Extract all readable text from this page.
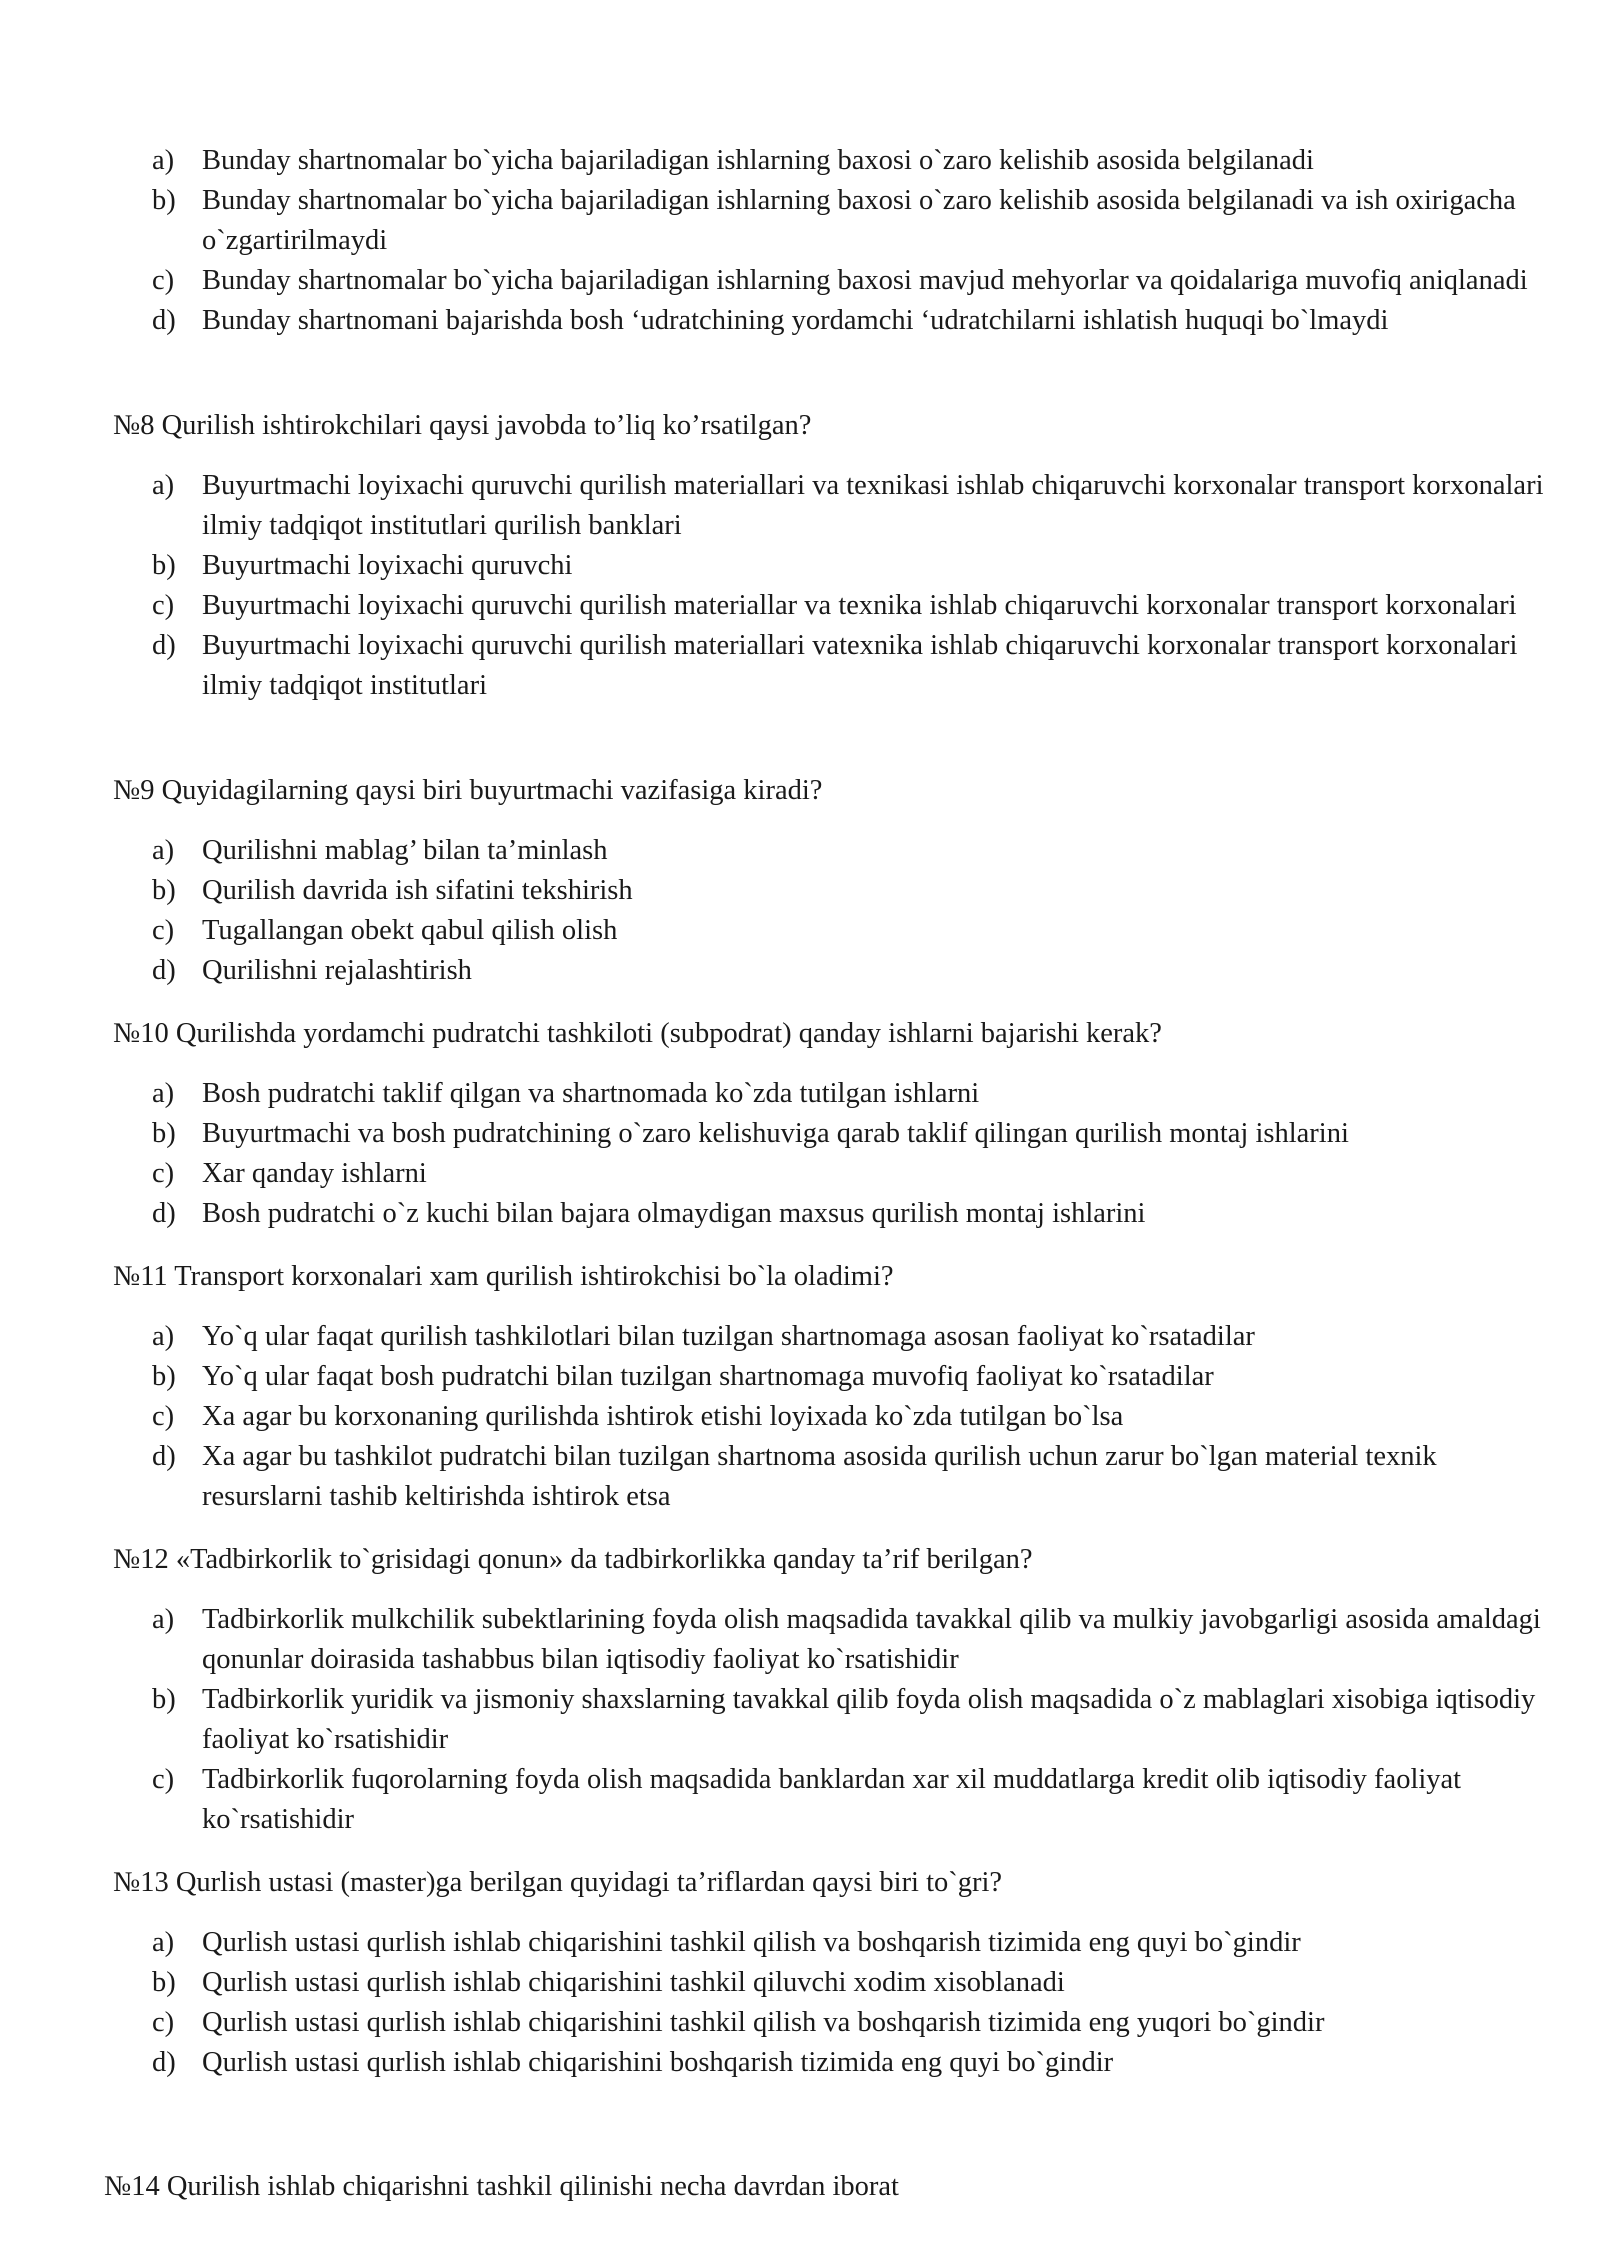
a) Bunday shartnomalar bo`yicha bajariladigan ishlarning baxosi o`zaro kelishib asosida belgilanadi
b) Bunday shartnomalar bo`yicha bajariladigan ishlarning baxosi o`zaro kelishib asosida belgilanadi va ish oxirigacha o`zgartirilmaydi
c) Bunday shartnomalar bo`yicha bajariladigan ishlarning baxosi mavjud mehyorlar va qoidalariga muvofiq aniqlanadi
d) Bunday shartnomani bajarishda bosh ‘udratchining yordamchi ‘udratchilarni ishlatish huquqi bo`lmaydi

№8 Qurilish ishtirokchilari qaysi javobda to’liq ko’rsatilgan?

a) Buyurtmachi loyixachi quruvchi qurilish materiallari va texnikasi ishlab chiqaruvchi korxonalar transport korxonalari ilmiy tadqiqot institutlari qurilish banklari
b) Buyurtmachi loyixachi quruvchi
c) Buyurtmachi loyixachi quruvchi qurilish materiallar va texnika ishlab chiqaruvchi korxonalar transport korxonalari
d) Buyurtmachi loyixachi quruvchi qurilish materiallari vatexnika ishlab chiqaruvchi korxonalar transport korxonalari ilmiy tadqiqot institutlari

№9 Quyidagilarning qaysi biri buyurtmachi vazifasiga kiradi?

a) Qurilishni mablag’ bilan ta’minlash
b) Qurilish davrida ish sifatini tekshirish
c) Tugallangan obekt qabul qilish olish
d) Qurilishni rejalashtirish

№10 Qurilishda yordamchi pudratchi tashkiloti (subpodrat) qanday ishlarni bajarishi kerak?

a) Bosh pudratchi taklif qilgan va shartnomada ko`zda tutilgan ishlarni
b) Buyurtmachi va bosh pudratchining o`zaro kelishuviga qarab taklif qilingan qurilish montaj ishlarini
c) Xar qanday ishlarni
d) Bosh pudratchi o`z kuchi bilan bajara olmaydigan maxsus qurilish montaj ishlarini

№11 Transport korxonalari xam qurilish ishtirokchisi bo`la oladimi?

a) Yo`q ular faqat qurilish tashkilotlari bilan tuzilgan shartnomaga asosan faoliyat ko`rsatadilar
b) Yo`q ular faqat bosh pudratchi bilan tuzilgan shartnomaga muvofiq faoliyat ko`rsatadilar
c) Xa agar bu korxonaning qurilishda ishtirok etishi loyixada ko`zda tutilgan bo`lsa
d) Xa agar bu tashkilot pudratchi bilan tuzilgan shartnoma asosida qurilish uchun zarur bo`lgan material texnik resurslarni tashib keltirishda ishtirok etsa

№12 «Tadbirkorlik to`grisidagi qonun» da tadbirkorlikka qanday ta’rif berilgan?

a) Tadbirkorlik mulkchilik subektlarining foyda olish maqsadida tavakkal qilib va mulkiy javobgarligi asosida amaldagi qonunlar doirasida tashabbus bilan iqtisodiy faoliyat ko`rsatishidir
b) Tadbirkorlik yuridik va jismoniy shaxslarning tavakkal qilib foyda olish maqsadida o`z mablaglari xisobiga iqtisodiy faoliyat ko`rsatishidir
c) Tadbirkorlik fuqorolarning foyda olish maqsadida banklardan xar xil muddatlarga kredit olib iqtisodiy faoliyat ko`rsatishidir

№13 Qurlish ustasi (master)ga berilgan quyidagi ta’riflardan qaysi biri to`gri?

a) Qurlish ustasi qurlish ishlab chiqarishini tashkil qilish va boshqarish tizimida eng quyi bo`gindir
b) Qurlish ustasi qurlish ishlab chiqarishini tashkil qiluvchi xodim xisoblanadi
c) Qurlish ustasi qurlish ishlab chiqarishini tashkil qilish va boshqarish tizimida eng yuqori bo`gindir
d) Qurlish ustasi qurlish ishlab chiqarishini boshqarish tizimida eng quyi bo`gindir

№14 Qurilish ishlab chiqarishni tashkil qilinishi necha davrdan iborat
